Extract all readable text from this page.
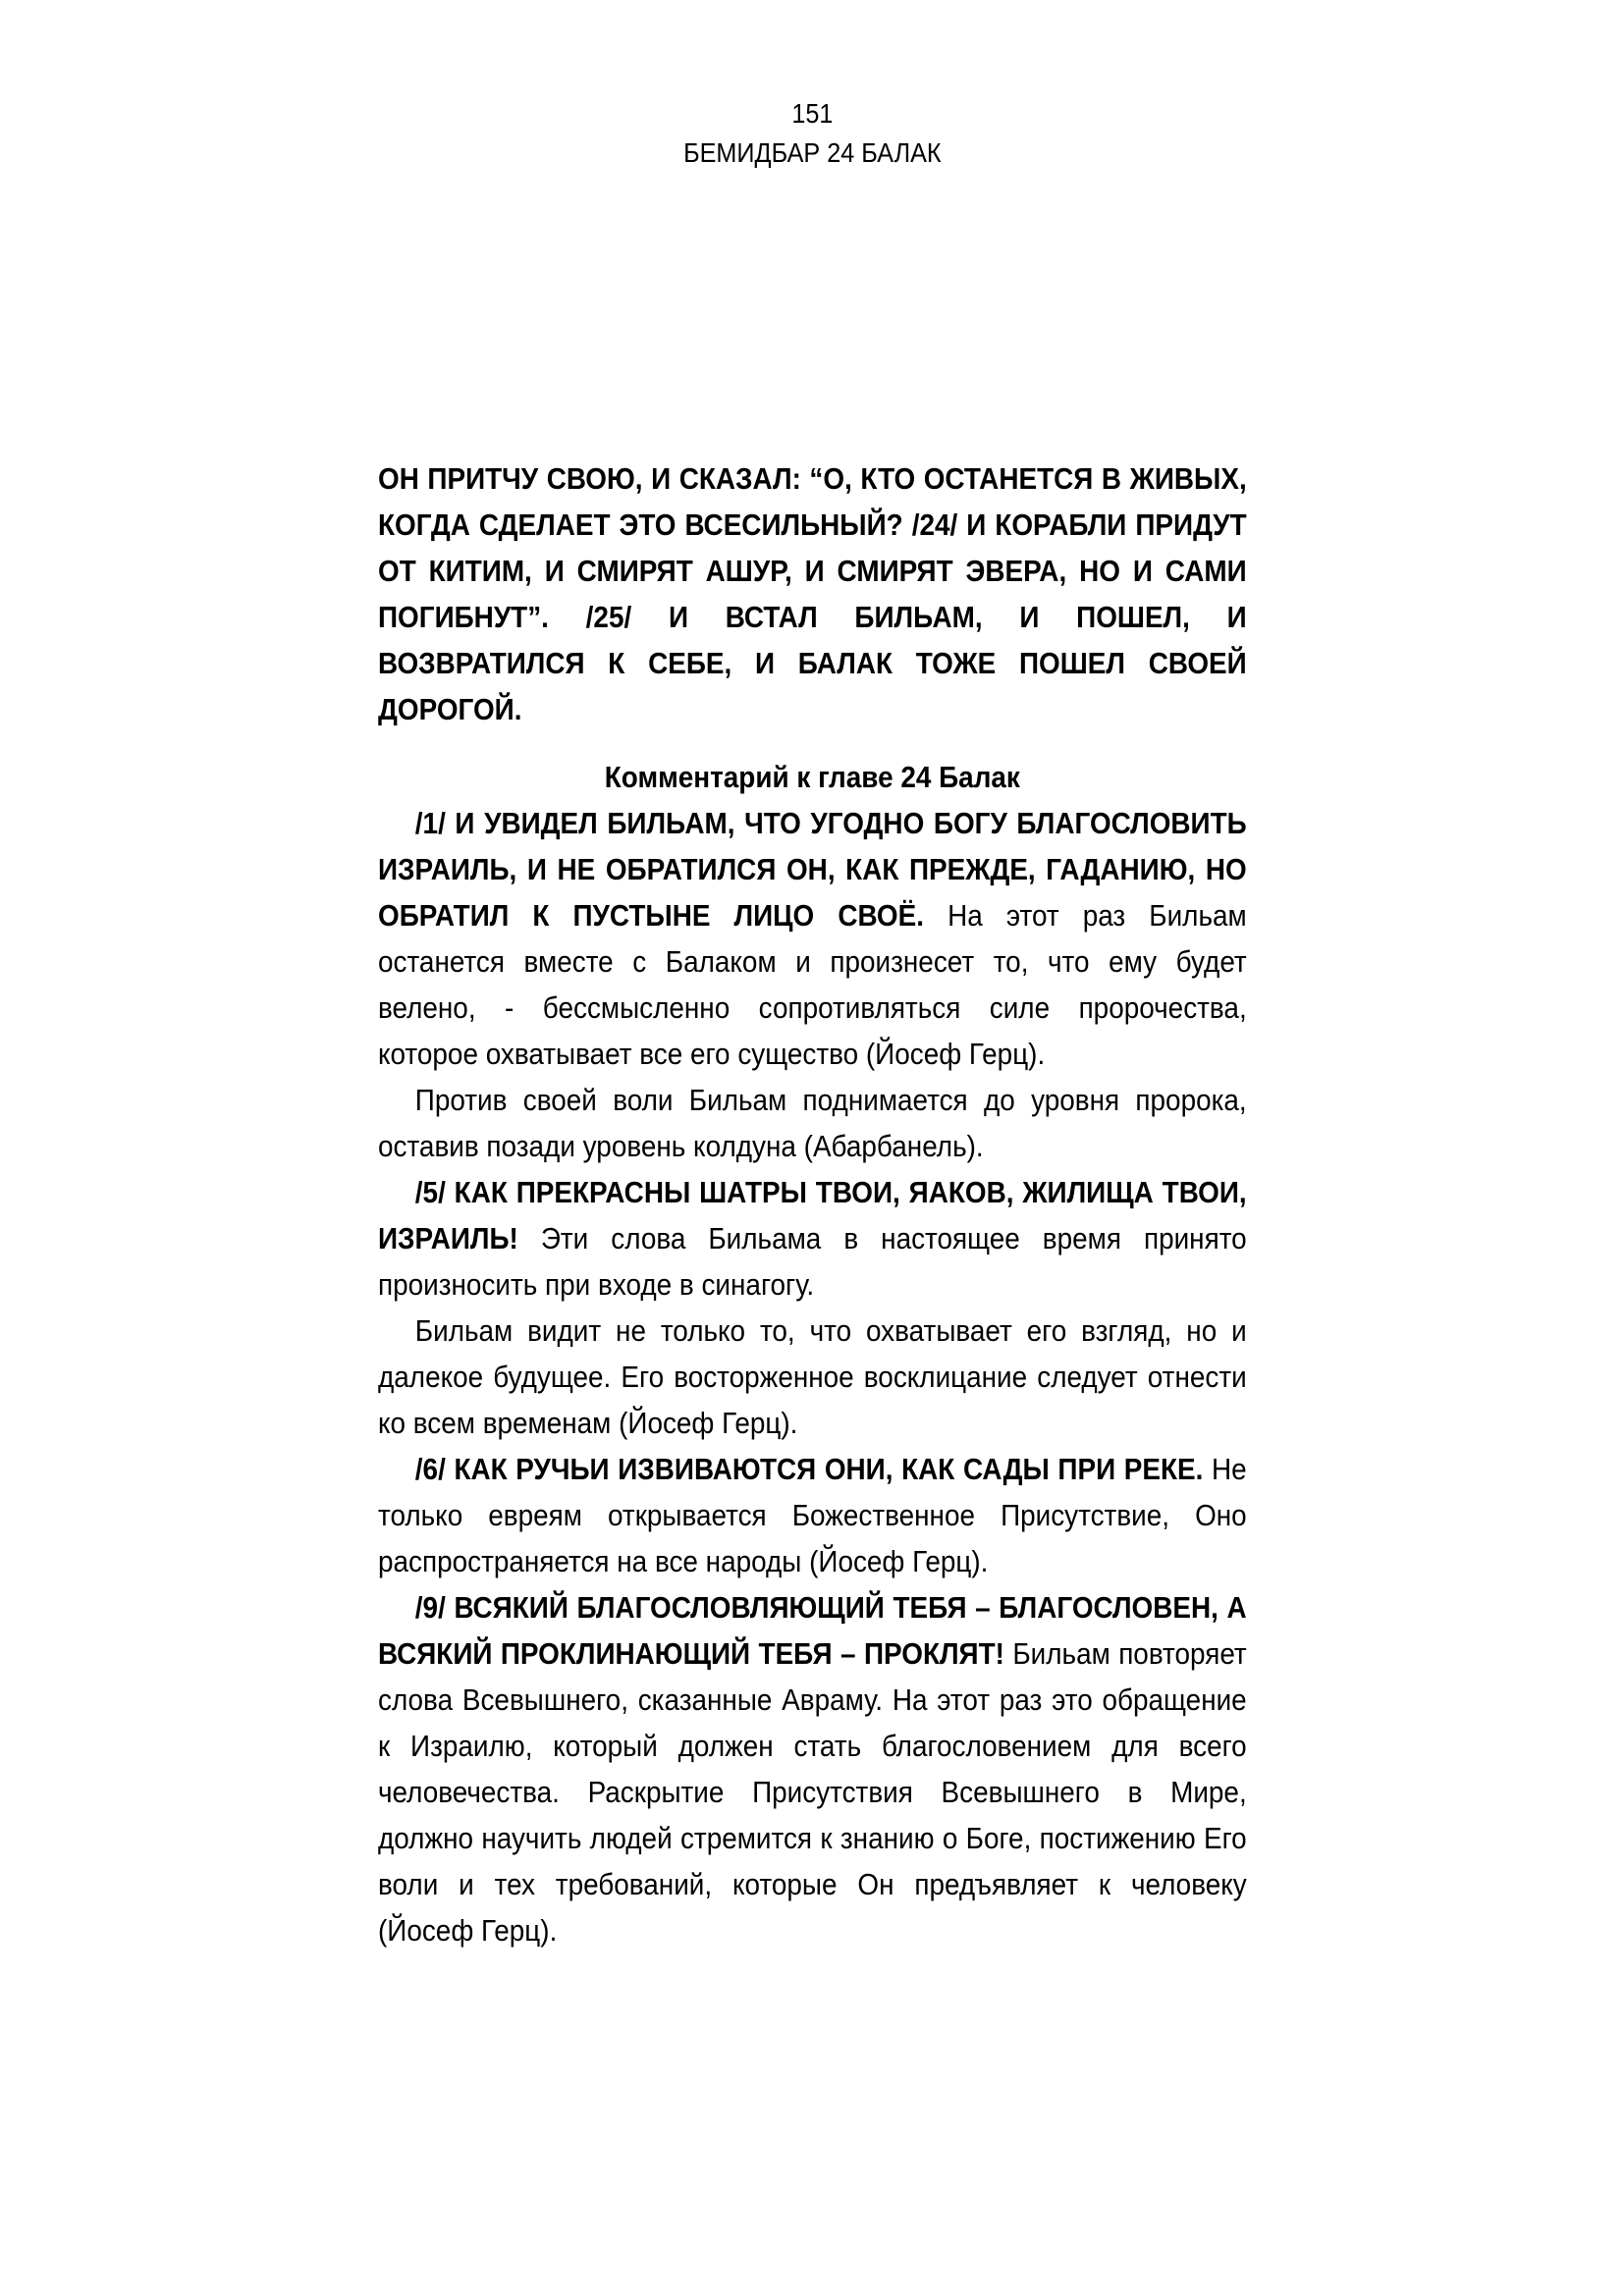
151
БЕМИДБАР 24 БАЛАК

ОН ПРИТЧУ СВОЮ, И СКАЗАЛ: “О, КТО ОСТАНЕТСЯ В ЖИВЫХ, КОГДА СДЕЛАЕТ ЭТО ВСЕСИЛЬНЫЙ? /24/ И КОРАБЛИ ПРИДУТ ОТ КИТИМ, И СМИРЯТ АШУР, И СМИРЯТ ЭВЕРА, НО И САМИ ПОГИБНУТ”. /25/ И ВСТАЛ БИЛЬАМ, И ПОШЕЛ, И ВОЗВРАТИЛСЯ К СЕБЕ, И БАЛАК ТОЖЕ ПОШЕЛ СВОЕЙ ДОРОГОЙ.

Комментарий к главе 24 Балак

/1/ И УВИДЕЛ БИЛЬАМ, ЧТО УГОДНО БОГУ БЛАГОСЛОВИТЬ ИЗРАИЛЬ, И НЕ ОБРАТИЛСЯ ОН, КАК ПРЕЖДЕ, ГАДАНИЮ, НО ОБРАТИЛ К ПУСТЫНЕ ЛИЦО СВОЁ. На этот раз Бильам останется вместе с Балаком и произнесет то, что ему будет велено, - бессмысленно сопротивляться силе пророчества, которое охватывает все его существо (Йосеф Герц).

Против своей воли Бильам поднимается до уровня пророка, оставив позади уровень колдуна (Абарбанель).

/5/ КАК ПРЕКРАСНЫ ШАТРЫ ТВОИ, ЯАКОВ, ЖИЛИЩА ТВОИ, ИЗРАИЛЬ! Эти слова Бильама в настоящее время принято произносить при входе в синагогу.

Бильам видит не только то, что охватывает его взгляд, но и далекое будущее. Его восторженное восклицание следует отнести ко всем временам (Йосеф Герц).

/6/ КАК РУЧЬИ ИЗВИВАЮТСЯ ОНИ, КАК САДЫ ПРИ РЕКЕ. Не только евреям открывается Божественное Присутствие, Оно распространяется на все народы (Йосеф Герц).

/9/ ВСЯКИЙ БЛАГОСЛОВЛЯЮЩИЙ ТЕБЯ – БЛАГОСЛОВЕН, А ВСЯКИЙ ПРОКЛИНАЮЩИЙ ТЕБЯ – ПРОКЛЯТ! Бильам повторяет слова Всевышнего, сказанные Авраму. На этот раз это обращение к Израилю, который должен стать благословением для всего человечества. Раскрытие Присутствия Всевышнего в Мире, должно научить людей стремится к знанию о Боге, постижению Его воли и тех требований, которые Он предъявляет к человеку (Йосеф Герц).
